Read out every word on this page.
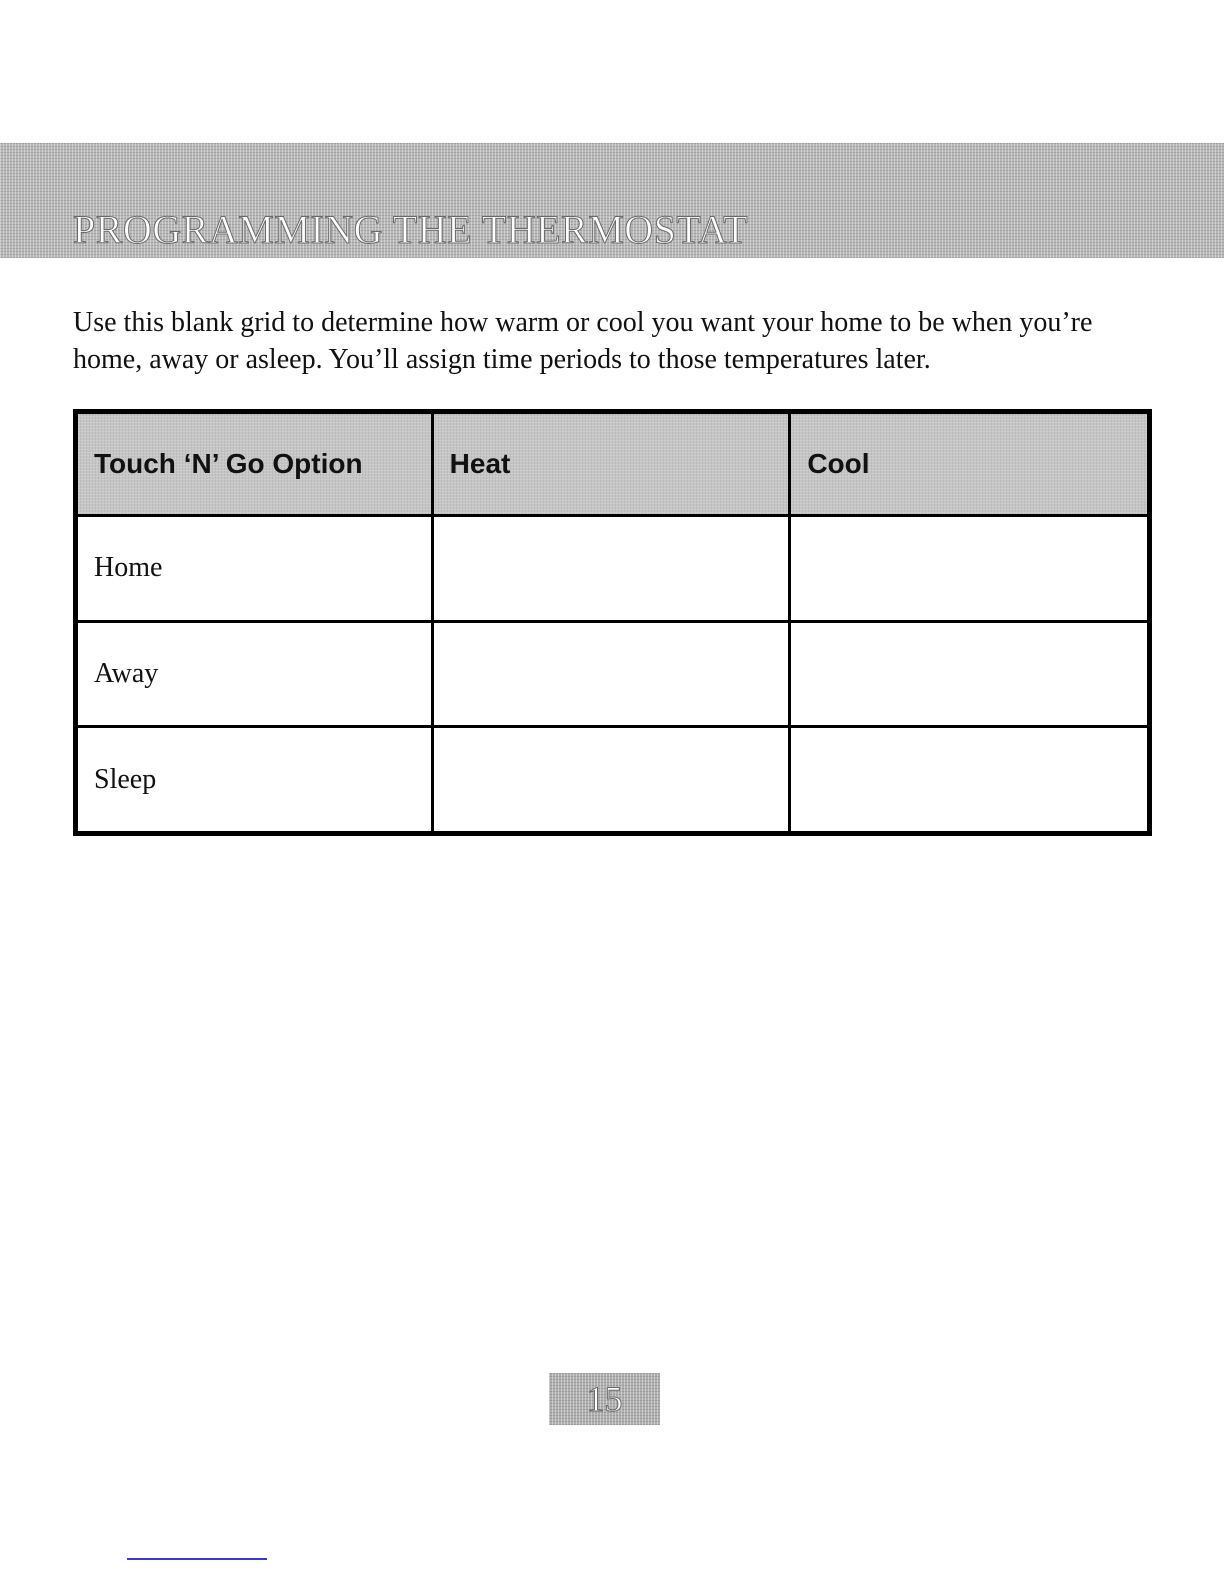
PROGRAMMING THE THERMOSTAT

Use this blank grid to determine how warm or cool you want your home to be when you’re home, away or asleep. You’ll assign time periods to those temperatures later.

Touch ‘N’ Go Option	Heat	Cool
Home		
Away		
Sleep		
15
